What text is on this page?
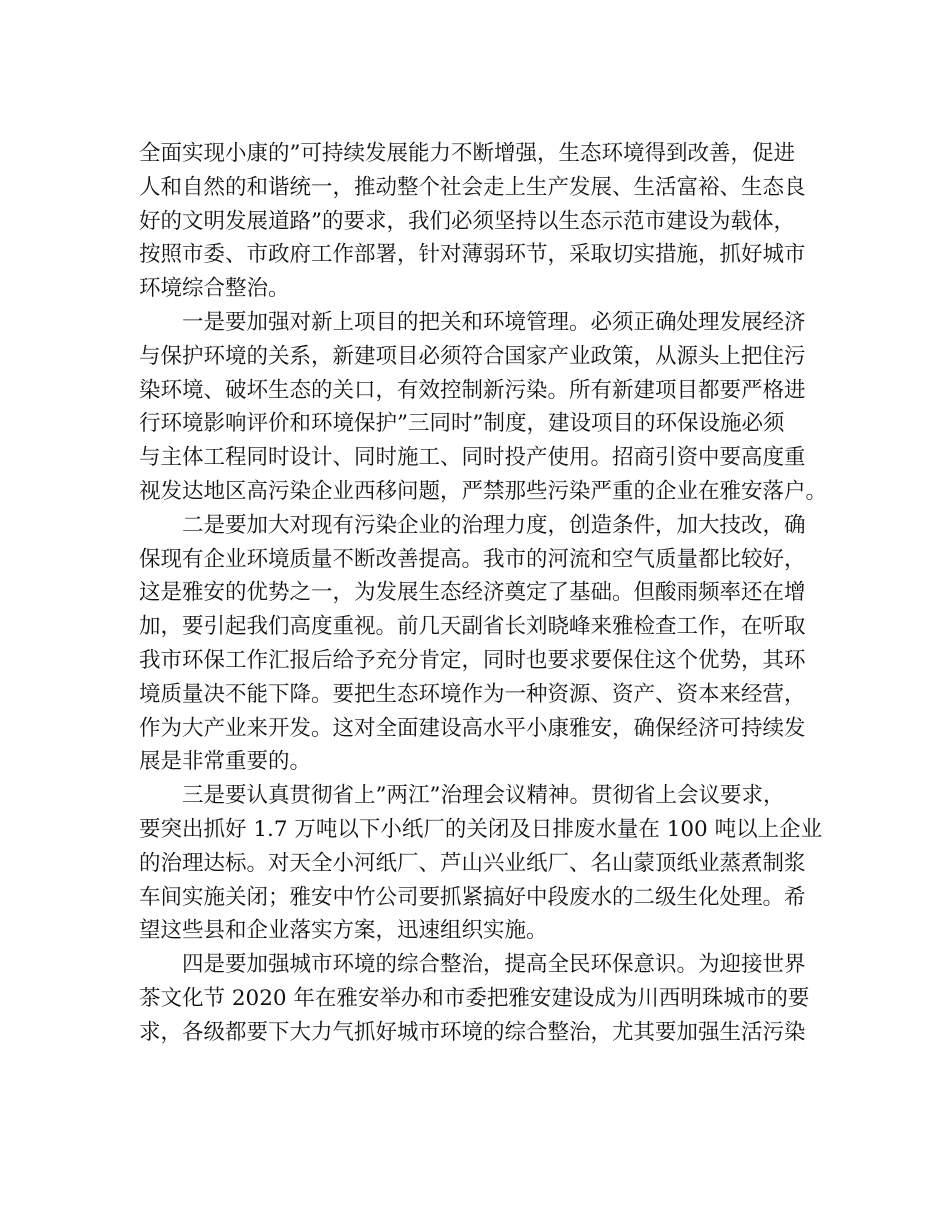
全面实现小康的”可持续发展能力不断增强，生态环境得到改善，促进
人和自然的和谐统一，推动整个社会走上生产发展、生活富裕、生态良
好的文明发展道路”的要求，我们必须坚持以生态示范市建设为载体，
按照市委、市政府工作部署，针对薄弱环节，采取切实措施，抓好城市
环境综合整治。
一是要加强对新上项目的把关和环境管理。必须正确处理发展经济
与保护环境的关系，新建项目必须符合国家产业政策，从源头上把住污
染环境、破坏生态的关口，有效控制新污染。所有新建项目都要严格进
行环境影响评价和环境保护”三同时”制度，建设项目的环保设施必须
与主体工程同时设计、同时施工、同时投产使用。招商引资中要高度重
视发达地区高污染企业西移问题，严禁那些污染严重的企业在雅安落户。
二是要加大对现有污染企业的治理力度，创造条件，加大技改，确
保现有企业环境质量不断改善提高。我市的河流和空气质量都比较好，
这是雅安的优势之一，为发展生态经济奠定了基础。但酸雨频率还在增
加，要引起我们高度重视。前几天副省长刘晓峰来雅检查工作，在听取
我市环保工作汇报后给予充分肯定，同时也要求要保住这个优势，其环
境质量决不能下降。要把生态环境作为一种资源、资产、资本来经营，
作为大产业来开发。这对全面建设高水平小康雅安，确保经济可持续发
展是非常重要的。
三是要认真贯彻省上”两江”治理会议精神。贯彻省上会议要求，
要突出抓好 1.7 万吨以下小纸厂的关闭及日排废水量在 100 吨以上企业
的治理达标。对天全小河纸厂、芦山兴业纸厂、名山蒙顶纸业蒸煮制浆
车间实施关闭；雅安中竹公司要抓紧搞好中段废水的二级生化处理。希
望这些县和企业落实方案，迅速组织实施。
四是要加强城市环境的综合整治，提高全民环保意识。为迎接世界
茶文化节 2020 年在雅安举办和市委把雅安建设成为川西明珠城市的要
求，各级都要下大力气抓好城市环境的综合整治，尤其要加强生活污染
